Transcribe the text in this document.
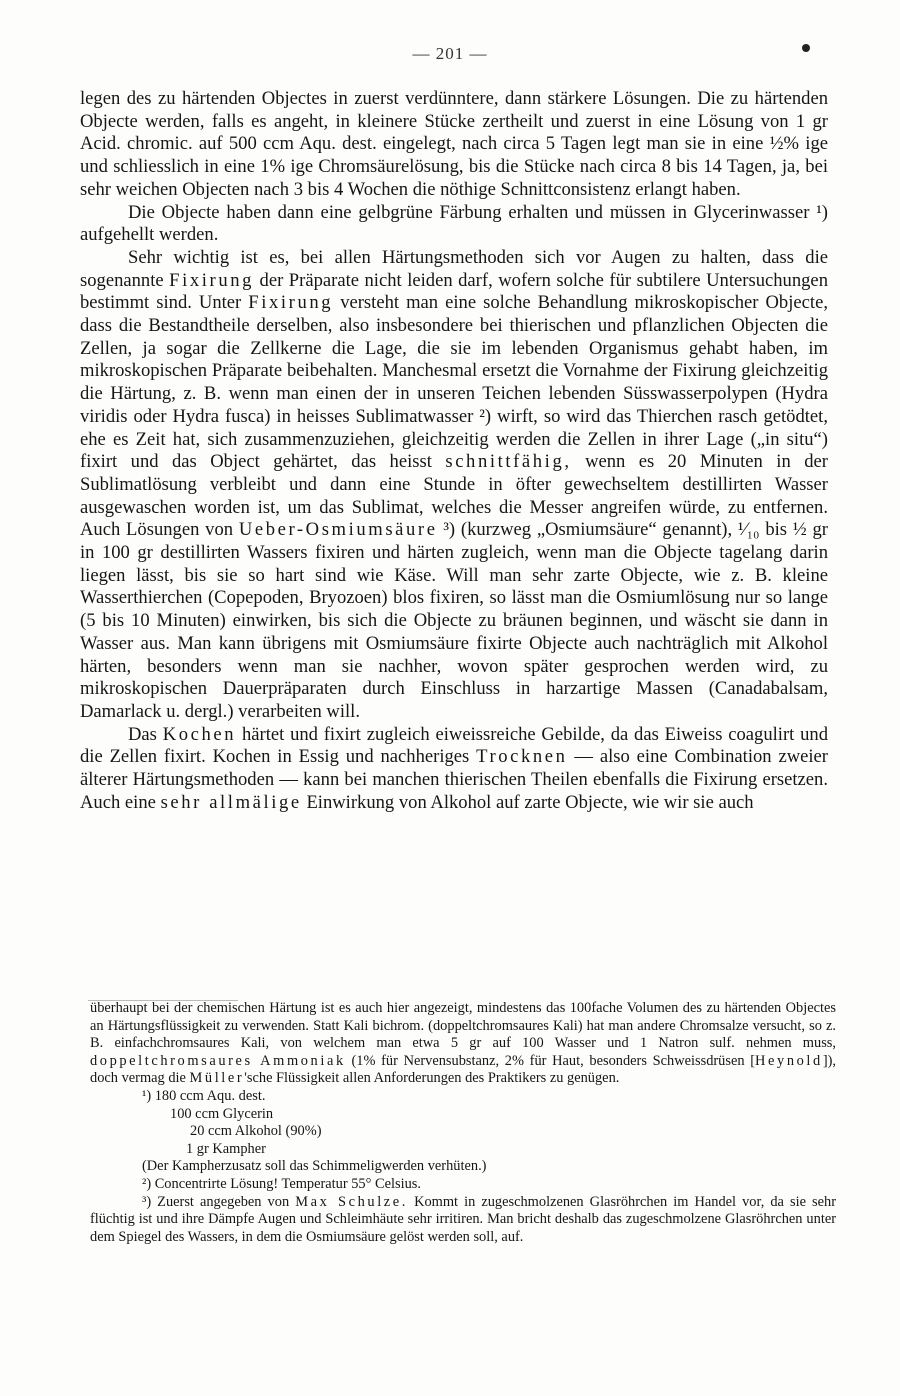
— 201 —

legen des zu härtenden Objectes in zuerst verdünntere, dann stärkere Lösungen. Die zu härtenden Objecte werden, falls es angeht, in kleinere Stücke zertheilt und zuerst in eine Lösung von 1 gr Acid. chromic. auf 500 ccm Aqu. dest. eingelegt, nach circa 5 Tagen legt man sie in eine ½% ige und schliesslich in eine 1% ige Chromsäurelösung, bis die Stücke nach circa 8 bis 14 Tagen, ja, bei sehr weichen Objecten nach 3 bis 4 Wochen die nöthige Schnittconsistenz erlangt haben.

Die Objecte haben dann eine gelbgrüne Färbung erhalten und müssen in Glycerinwasser ¹) aufgehellt werden.

Sehr wichtig ist es, bei allen Härtungsmethoden sich vor Augen zu halten, dass die sogenannte Fixirung der Präparate nicht leiden darf, wofern solche für subtilere Untersuchungen bestimmt sind. Unter Fixirung versteht man eine solche Behandlung mikroskopischer Objecte, dass die Bestandtheile derselben, also insbesondere bei thierischen und pflanzlichen Objecten die Zellen, ja sogar die Zellkerne die Lage, die sie im lebenden Organismus gehabt haben, im mikroskopischen Präparate beibehalten. Manchesmal ersetzt die Vornahme der Fixirung gleichzeitig die Härtung, z. B. wenn man einen der in unseren Teichen lebenden Süsswasserpolypen (Hydra viridis oder Hydra fusca) in heisses Sublimatwasser ²) wirft, so wird das Thierchen rasch getödtet, ehe es Zeit hat, sich zusammenzuziehen, gleichzeitig werden die Zellen in ihrer Lage („in situ“) fixirt und das Object gehärtet, das heisst schnittfähig, wenn es 20 Minuten in der Sublimatlösung verbleibt und dann eine Stunde in öfter gewechseltem destillirten Wasser ausgewaschen worden ist, um das Sublimat, welches die Messer angreifen würde, zu entfernen. Auch Lösungen von Ueber-Osmiumsäure ³) (kurzweg „Osmiumsäure“ genannt), ¹⁄₁₀ bis ½ gr in 100 gr destillirten Wassers fixiren und härten zugleich, wenn man die Objecte tagelang darin liegen lässt, bis sie so hart sind wie Käse. Will man sehr zarte Objecte, wie z. B. kleine Wasserthierchen (Copepoden, Bryozoen) blos fixiren, so lässt man die Osmiumlösung nur so lange (5 bis 10 Minuten) einwirken, bis sich die Objecte zu bräunen beginnen, und wäscht sie dann in Wasser aus. Man kann übrigens mit Osmiumsäure fixirte Objecte auch nachträglich mit Alkohol härten, besonders wenn man sie nachher, wovon später gesprochen werden wird, zu mikroskopischen Dauerpräparaten durch Einschluss in harzartige Massen (Canadabalsam, Damarlack u. dergl.) verarbeiten will.

Das Kochen härtet und fixirt zugleich eiweissreiche Gebilde, da das Eiweiss coagulirt und die Zellen fixirt. Kochen in Essig und nachheriges Trocknen — also eine Combination zweier älterer Härtungsmethoden — kann bei manchen thierischen Theilen ebenfalls die Fixirung ersetzen. Auch eine sehr allmälige Einwirkung von Alkohol auf zarte Objecte, wie wir sie auch

überhaupt bei der chemischen Härtung ist es auch hier angezeigt, mindestens das 100fache Volumen des zu härtenden Objectes an Härtungsflüssigkeit zu verwenden. Statt Kali bichrom. (doppeltchromsaures Kali) hat man andere Chromsalze versucht, so z. B. einfachchromsaures Kali, von welchem man etwa 5 gr auf 100 Wasser und 1 Natron sulf. nehmen muss, doppeltchromsaures Ammoniak (1% für Nervensubstanz, 2% für Haut, besonders Schweissdrüsen [Heynold]), doch vermag die Müller'sche Flüssigkeit allen Anforderungen des Praktikers zu genügen.

¹) 180 ccm Aqu. dest.
100 ccm Glycerin
20 ccm Alkohol (90%)
1 gr Kampher
(Der Kampherzusatz soll das Schimmeligwerden verhüten.)
²) Concentrirte Lösung! Temperatur 55° Celsius.

³) Zuerst angegeben von Max Schulze. Kommt in zugeschmolzenen Glasröhrchen im Handel vor, da sie sehr flüchtig ist und ihre Dämpfe Augen und Schleimhäute sehr irritiren. Man bricht deshalb das zugeschmolzene Glasröhrchen unter dem Spiegel des Wassers, in dem die Osmiumsäure gelöst werden soll, auf.
